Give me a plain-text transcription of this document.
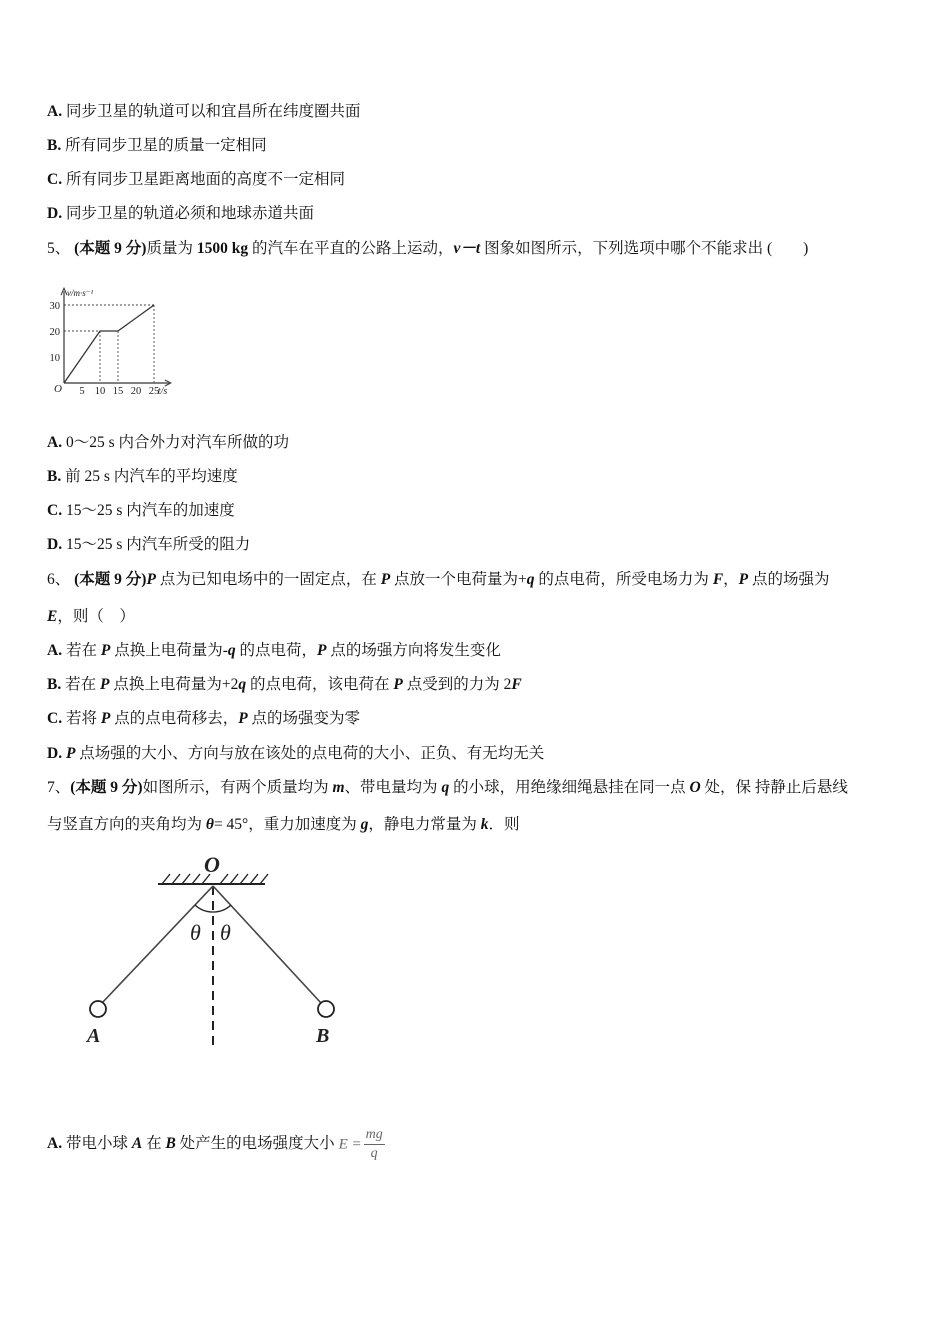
A. 同步卫星的轨道可以和宜昌所在纬度圈共面
B. 所有同步卫星的质量一定相同
C. 所有同步卫星距离地面的高度不一定相同
D. 同步卫星的轨道必须和地球赤道共面
5、 (本题 9 分)质量为 1500 kg 的汽车在平直的公路上运动，v－t 图象如图所示，下列选项中哪个不能求出 (　　)
v/m·s⁻¹
t/s
O
10
20
30
5 10 15 20 25
A. 0～25 s 内合外力对汽车所做的功
B. 前 25 s 内汽车的平均速度
C. 15～25 s 内汽车的加速度
D. 15～25 s 内汽车所受的阻力
6、 (本题 9 分)P 点为已知电场中的一固定点，在 P 点放一个电荷量为+q 的点电荷，所受电场力为 F，P 点的场强为
E，则（　）
A. 若在 P 点换上电荷量为-q 的点电荷，P 点的场强方向将发生变化
B. 若在 P 点换上电荷量为+2q 的点电荷，该电荷在 P 点受到的力为 2F
C. 若将 P 点的点电荷移去，P 点的场强变为零
D. P 点场强的大小、方向与放在该处的点电荷的大小、正负、有无均无关
7、(本题 9 分)如图所示，有两个质量均为 m、带电量均为 q 的小球，用绝缘细绳悬挂在同一点 O 处，保 持静止后悬线
与竖直方向的夹角均为 θ= 45°，重力加速度为 g，静电力常量为 k．则
O
θ θ
A	B
A. 带电小球 A 在 B 处产生的电场强度大小 $E = \frac{mg}{q}$
